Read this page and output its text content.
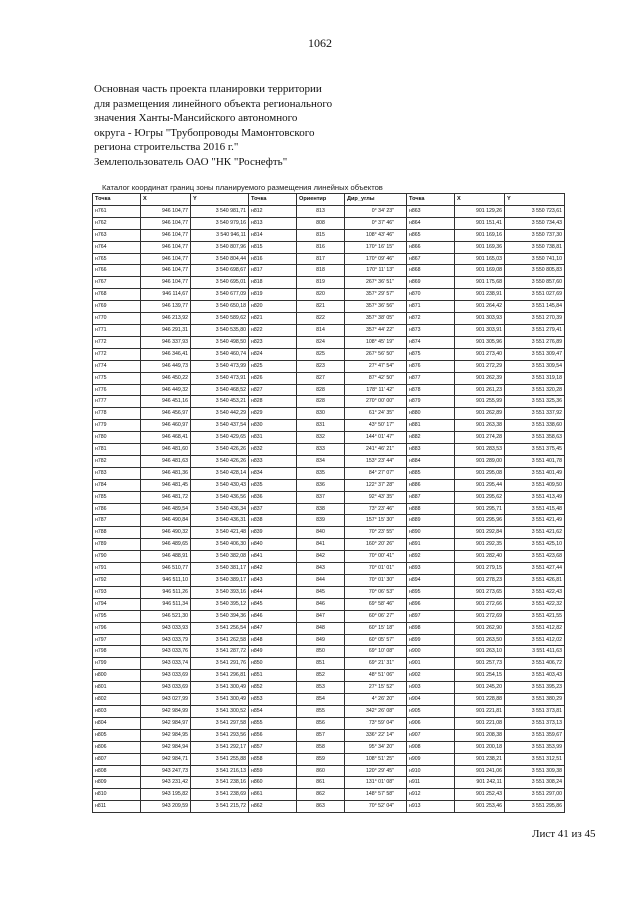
1062
Основная часть проекта планировки территории
для размещения линейного объекта регионального
значения Ханты-Мансийского автономного
округа - Югры "Трубопроводы Мамонтовского
региона строительства 2016 г."
Землепользователь ОАО "НК "Роснефть"
Каталог координат границ зоны планируемого размещения линейных объектов
Точка	X	Y	Точка	Ориентир	Дир_углы	Точка	X	Y
н761	946 104,77	3 540 981,71	н812	813	0° 34' 23"	н863	901 129,26	3 550 723,61
н762	946 104,77	3 540 979,16	н813	808	0° 37' 46"	н864	901 151,41	3 550 734,43
н763	946 104,77	3 540 946,11	н814	815	108° 43' 46"	н865	901 169,16	3 550 737,30
н764	946 104,77	3 540 807,96	н815	816	170° 16' 15"	н866	901 169,36	3 550 738,81
н765	946 104,77	3 540 804,44	н816	817	170° 09' 46"	н867	901 165,03	3 550 741,10
н766	946 104,77	3 540 698,67	н817	818	170° 11' 13"	н868	901 169,08	3 550 805,83
н767	946 104,77	3 540 695,01	н818	819	267° 36' 51"	н869	901 175,68	3 550 857,60
н768	946 114,67	3 540 677,09	н819	820	357° 29' 57"	н870	901 238,91	3 551 027,69
н769	946 139,77	3 540 650,18	н820	821	357° 36' 56"	н871	901 264,42	3 551 145,84
н770	946 213,92	3 540 589,62	н821	822	357° 38' 05"	н872	901 303,93	3 551 270,39
н771	946 291,31	3 540 535,80	н822	814	357° 44' 22"	н873	901 303,91	3 551 279,41
н772	946 337,93	3 540 498,50	н823	824	108° 45' 19"	н874	901 305,96	3 551 276,89
н772	946 346,41	3 540 460,74	н824	825	267° 56' 50"	н875	901 273,40	3 551 309,47
н774	946 449,73	3 540 473,99	н825	823	27° 47' 54"	н876	901 272,29	3 551 309,54
н775	946 450,22	3 540 473,91	н826	827	87° 42' 50"	н877	901 262,39	3 551 319,18
н776	946 449,32	3 540 468,52	н827	828	178° 11' 42"	н878	901 261,23	3 551 320,28
н777	946 451,16	3 540 453,21	н828	828	270° 00' 00"	н879	901 255,99	3 551 325,36
н778	946 456,97	3 540 442,29	н829	830	61° 24' 35"	н880	901 262,89	3 551 337,92
н779	946 460,97	3 540 437,54	н830	831	43° 50' 17"	н881	901 263,38	3 551 338,60
н780	946 468,41	3 540 429,65	н831	832	144° 01' 47"	н882	901 274,28	3 551 358,63
н781	946 481,60	3 540 426,26	н832	833	241° 46' 21"	н883	901 283,53	3 551 375,45
н782	946 481,63	3 540 426,26	н833	834	153° 23' 44"	н884	901 289,00	3 551 401,78
н783	946 481,36	3 540 428,14	н834	835	84° 27' 07"	н885	901 295,08	3 551 401,49
н784	946 481,45	3 540 430,43	н835	836	122° 37' 28"	н886	901 295,44	3 551 409,50
н785	946 481,72	3 540 436,56	н836	837	92° 43' 35"	н887	901 295,62	3 551 413,49
н786	946 489,54	3 540 436,34	н837	838	73° 23' 46"	н888	901 295,71	3 551 415,48
н787	946 490,84	3 540 436,31	н838	839	157° 15' 30"	н889	901 295,96	3 551 421,49
н788	946 490,32	3 540 421,48	н839	840	70° 23' 55"	н890	901 292,84	3 551 421,62
н789	946 489,65	3 540 406,30	н840	841	160° 20' 26"	н891	901 292,35	3 551 425,10
н790	946 488,91	3 540 382,08	н841	842	70° 00' 41"	н892	901 282,40	3 551 423,68
н791	946 510,77	3 540 381,17	н842	843	70° 01' 01"	н893	901 279,15	3 551 427,44
н792	946 511,10	3 540 389,17	н843	844	70° 01' 30"	н894	901 278,23	3 551 426,81
н793	946 511,26	3 540 393,16	н844	845	70° 06' 53"	н895	901 273,65	3 551 422,43
н794	946 511,34	3 540 395,12	н845	846	69° 58' 46"	н896	901 272,66	3 551 422,32
н795	946 521,30	3 540 394,36	н846	847	60° 06' 27"	н897	901 272,69	3 551 421,55
н796	943 033,93	3 541 256,54	н847	848	60° 15' 18"	н898	901 262,90	3 551 412,82
н797	943 033,79	3 541 262,58	н848	849	60° 05' 57"	н899	901 263,50	3 551 412,02
н798	943 033,76	3 541 287,72	н849	850	69° 10' 08"	н900	901 263,10	3 551 411,63
н799	943 033,74	3 541 291,76	н850	851	69° 21' 31"	н901	901 257,73	3 551 406,72
н800	943 033,69	3 541 296,81	н851	852	48° 51' 06"	н902	901 254,15	3 551 403,43
н801	943 033,69	3 541 300,49	н852	853	27° 15' 52"	н903	901 245,20	3 551 395,23
н802	943 027,99	3 541 300,49	н853	854	4° 26' 20"	н904	901 228,88	3 551 380,29
н803	942 984,99	3 541 300,52	н854	855	342° 26' 08"	н905	901 221,81	3 551 373,81
н804	942 984,97	3 541 297,58	н855	856	73° 59' 04"	н906	901 221,08	3 551 373,13
н805	942 984,95	3 541 293,56	н856	857	336° 22' 14"	н907	901 208,38	3 551 359,67
н806	942 984,94	3 541 292,17	н857	858	95° 34' 20"	н908	901 200,18	3 551 353,99
н807	942 984,71	3 541 255,88	н858	859	108° 51' 25"	н909	901 238,21	3 551 312,51
н808	943 247,73	3 541 216,13	н859	860	120° 29' 45"	н910	901 241,06	3 551 309,38
н809	943 231,42	3 541 238,16	н860	861	131° 01' 08"	н911	901 242,11	3 551 308,24
н810	943 195,82	3 541 238,69	н861	862	148° 57' 58"	н912	901 252,43	3 551 297,00
н811	943 209,59	3 541 215,72	н862	863	70° 52' 04"	н913	901 253,46	3 551 295,86
Лист 41 из 45
